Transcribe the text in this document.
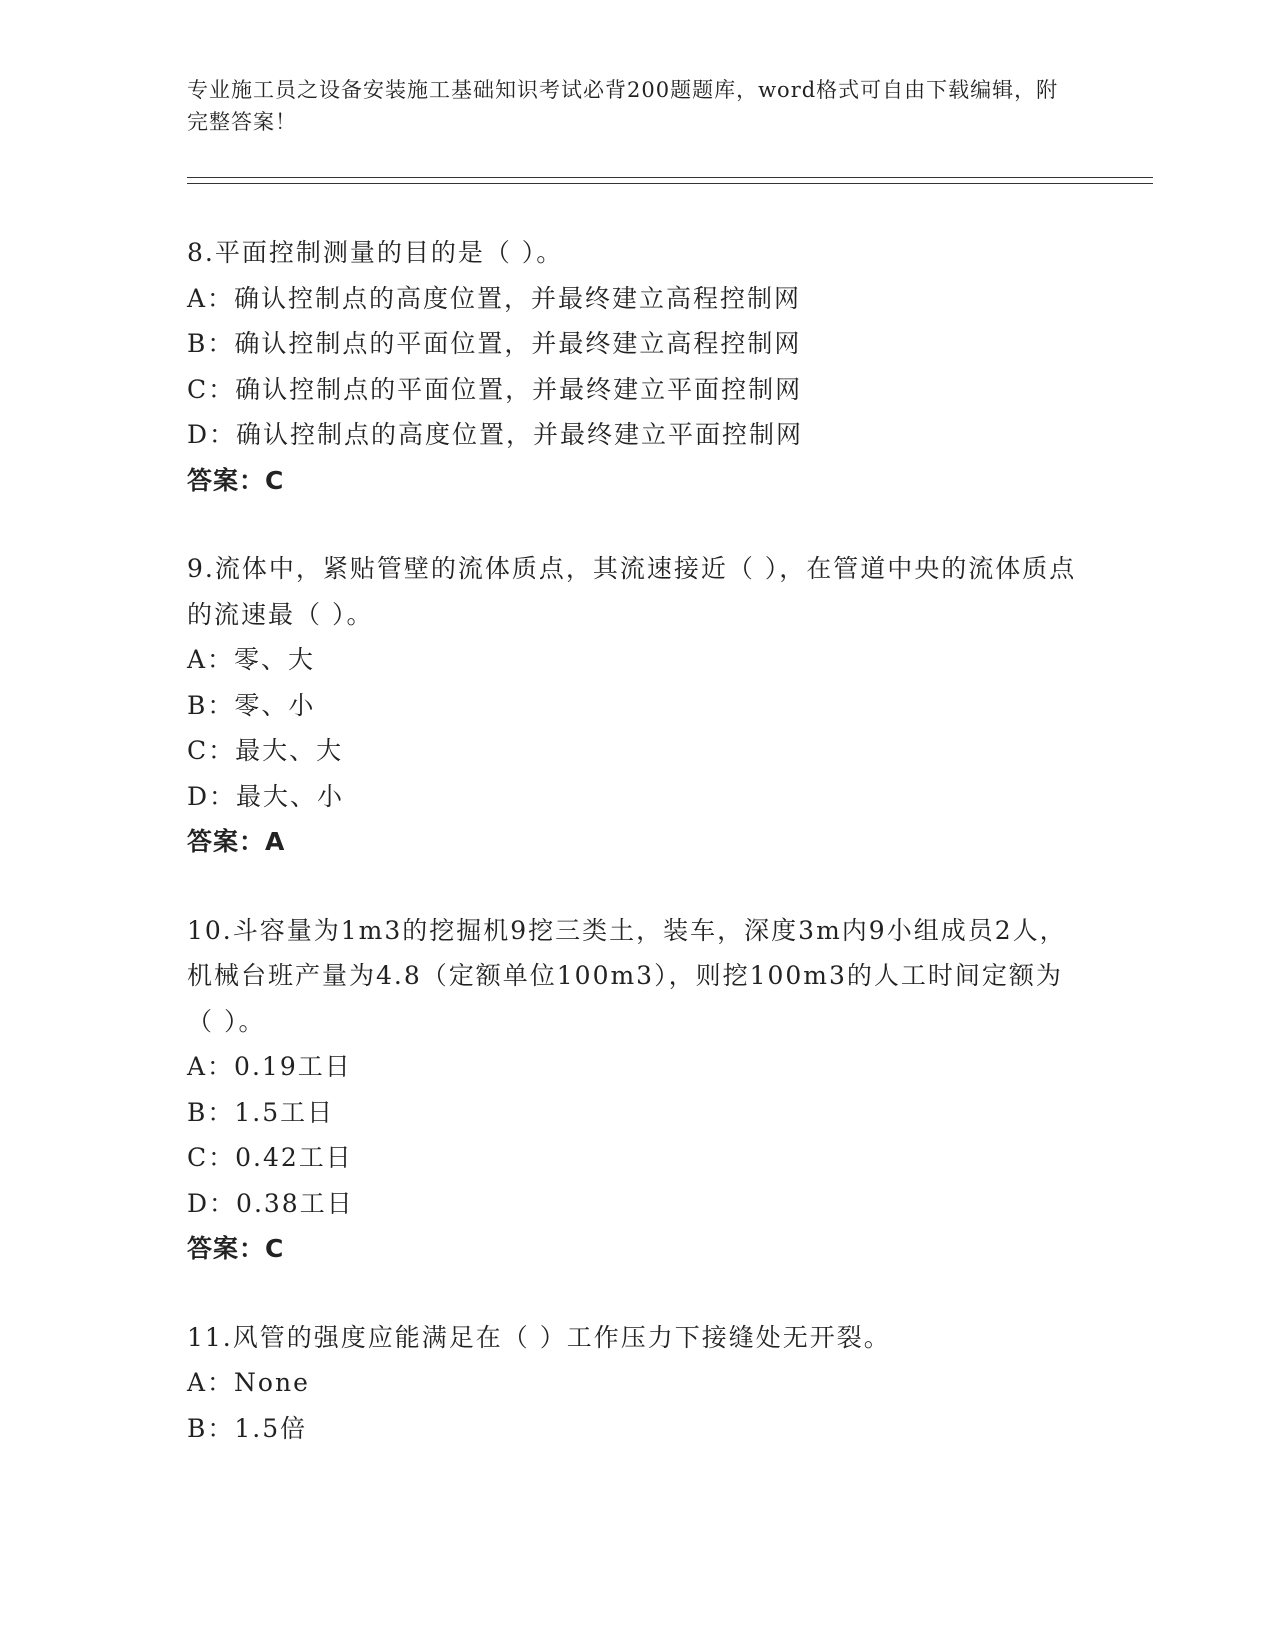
专业施工员之设备安装施工基础知识考试必背200题题库，word格式可自由下载编辑，附完整答案！
8.平面控制测量的目的是（ ）。
A：确认控制点的高度位置，并最终建立高程控制网
B：确认控制点的平面位置，并最终建立高程控制网
C：确认控制点的平面位置，并最终建立平面控制网
D：确认控制点的高度位置，并最终建立平面控制网
答案：C
9.流体中，紧贴管壁的流体质点，其流速接近（ ），在管道中央的流体质点的流速最（ ）。
A：零、大
B：零、小
C：最大、大
D：最大、小
答案：A
10.斗容量为1m3的挖掘机9挖三类土，装车，深度3m内9小组成员2人，机械台班产量为4.8（定额单位100m3），则挖100m3的人工时间定额为（ ）。
A：0.19工日
B：1.5工日
C：0.42工日
D：0.38工日
答案：C
11.风管的强度应能满足在（ ）工作压力下接缝处无开裂。
A：None
B：1.5倍
